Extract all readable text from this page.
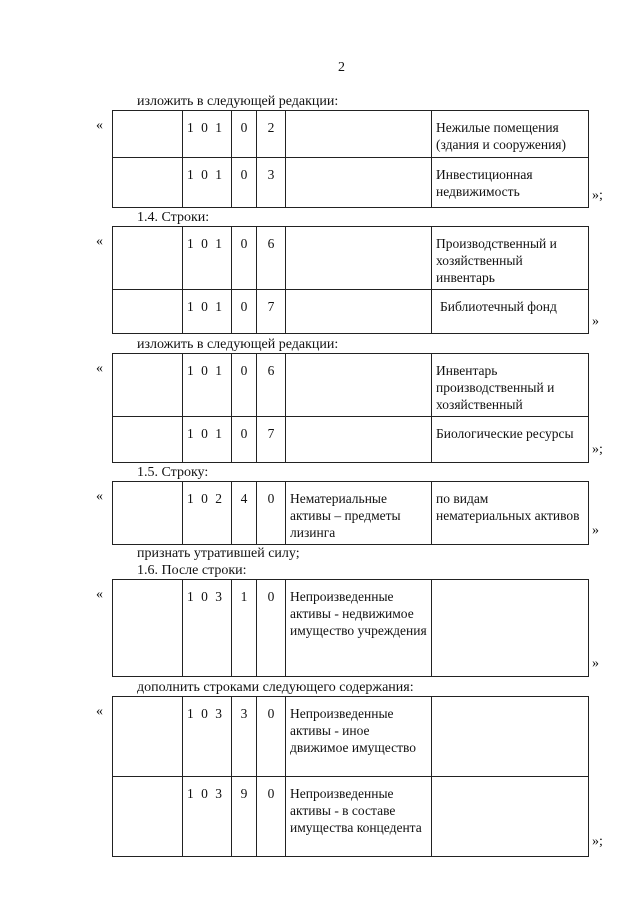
2
изложить в следующей редакции:
«
		1 0 1	0	2		Нежилые помещения (здания и сооружения)
	1 0 1	0	3		Инвестиционная недвижимость	»;
1.4. Строки:
«
		1 0 1	0	6		Производственный и хозяйственный инвентарь
	1 0 1	0	7		Библиотечный фонд
»
изложить в следующей редакции:
«
		1 0 1	0	6		Инвентарь производственный и хозяйственный
	1 0 1	0	7		Биологические ресурсы
»;
1.5. Строку:
«
		1 0 2	4	0	Нематериальные активы – предметы лизинга	по видам нематериальных активов
»
признать утратившей силу;
1.6. После строки:
«
		1 0 3	1	0	Непроизведенные активы - недвижимое имущество учреждения	
»
дополнить строками следующего содержания:
«
		1 0 3	3	0	Непроизведенные активы - иное движимое имущество	
	1 0 3	9	0	Непроизведенные активы - в составе имущества концедента	
»;
